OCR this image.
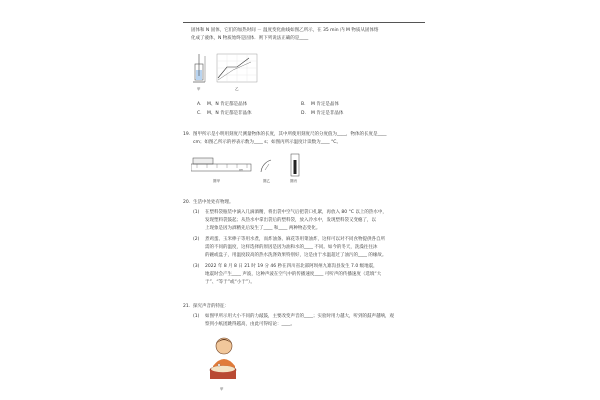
固体和 N 固体，它们的加热时间 － 温度变化曲线如图乙所示，在 35 min 内 M 物质从固体熔
化成了液体，N 物质始终是固体．则下列说法正确的是____
甲	乙
A. M、N 肯定都是晶体	B. M 肯定是晶体
C. M、N 肯定都是非晶体	D. M 肯定是非晶体
19. 图甲所示是小明用刻度尺测量物体的长度，其中所使用刻度尺的分度值为____，物体的长度是____
cm；如图乙所示的停表示数为____ s；如图丙所示温度计读数为____ °C。
cm
图甲	图乙	图丙
20. 生活中处处有物理。
(1) 在塑料袋瓶装中滴入几滴酒精，将出袋中空气后把袋口扎紧，再放入 80 °C 以上的热水中，
发现塑料袋鼓起；从热水中拿出袋后的塑料袋，放入冷水中，发现塑料袋又变瘪了，以
上现象是因为酒精先后发生了____ 和____ 两种物态变化。
(2) 煮鸡蛋、玉米棒子等用水煮，而炸油条、麻花等用菜油炸，这样可以对不同食物提供各自所
需的不同的温度，这样选择的原因是因为油和水的____ 不同。如今的冬天，洗澡往往沐
的碗或盘子，用温度较高的热水洗涤效果特别好，这是由于水温超过了油污的____ 的缘故。
(3) 2022 年 8 月 8 日 21 时 19 分 46 秒在四川省北部阿坝州九寨沟县发生 7.0 级地震，
地震时会产生____ 声波，这种声波在空气中的传播速度____ 可听声的传播速度（选填“大
于”、“等于”或“小于”）。
21. 探究声音的特征：
(1) 如图甲所示用大小不同的力敲鼓，主要改变声音的____；实验时用力越大，听到的鼓声越响，观
察到小纸团跳得越高，由此可得结论：____。
甲
